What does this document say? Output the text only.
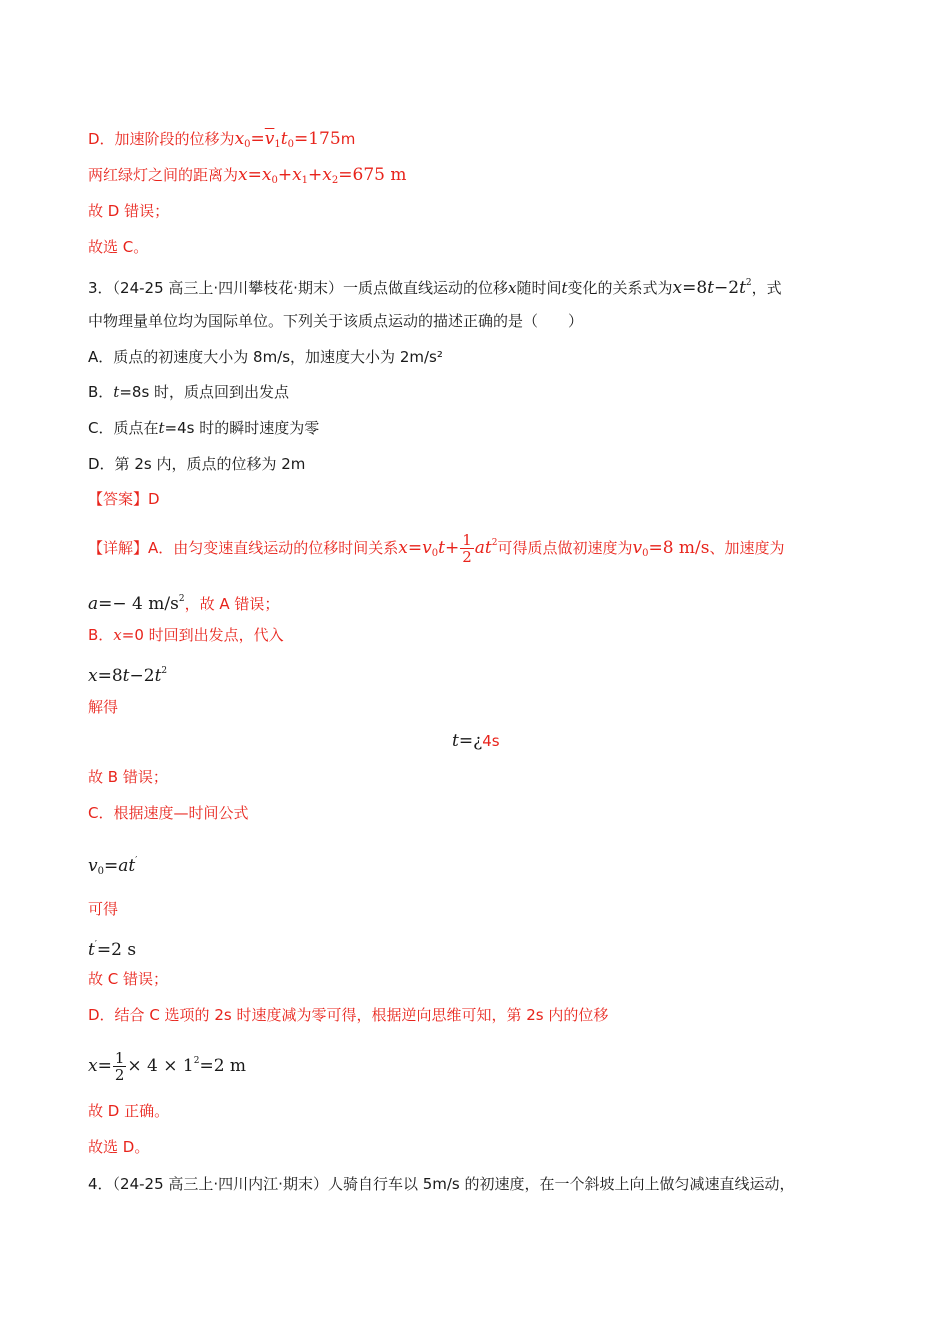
D．加速阶段的位移为$x_0=\overline{v}_1t_0=175m$
两红绿灯之间的距离为$x=x_0+x_1+x_2=675$ m
故 D 错误；
故选 C。
3．（24-25 高三上·四川攀枝花·期末）一质点做直线运动的位移x随时间t变化的关系式为$x=8t-2t^2$，式
中物理量单位均为国际单位。下列关于该质点运动的描述正确的是（　　）
A．质点的初速度大小为 8m/s，加速度大小为 2m/s²
B．t=8s 时，质点回到出发点
C．质点在t=4s 时的瞬时速度为零
D．第 2s 内，质点的位移为 2m
【答案】D
【详解】A．由匀变速直线运动的位移时间关系$x=v_0t+ \frac{1}{2} at^2$可得质点做初速度为$v_0=8$ m/s、加速度为
a=− 4 $m/s^2$，故 A 错误；
B．x=0 时回到出发点，代入
$x=8t-2t^2$
解得
t=¿4s
故 B 错误；
C．根据速度—时间公式
$v_0=at'$
可得
t′=2 s
故 C 错误；
D．结合 C 选项的 2s 时速度减为零可得，根据逆向思维可知，第 2s 内的位移
$x= \frac{1}{2} \times 4 \times 1^2=2$ m
故 D 正确。
故选 D。
4．（24-25 高三上·四川内江·期末）人骑自行车以 5m/s 的初速度，在一个斜坡上向上做匀减速直线运动，
